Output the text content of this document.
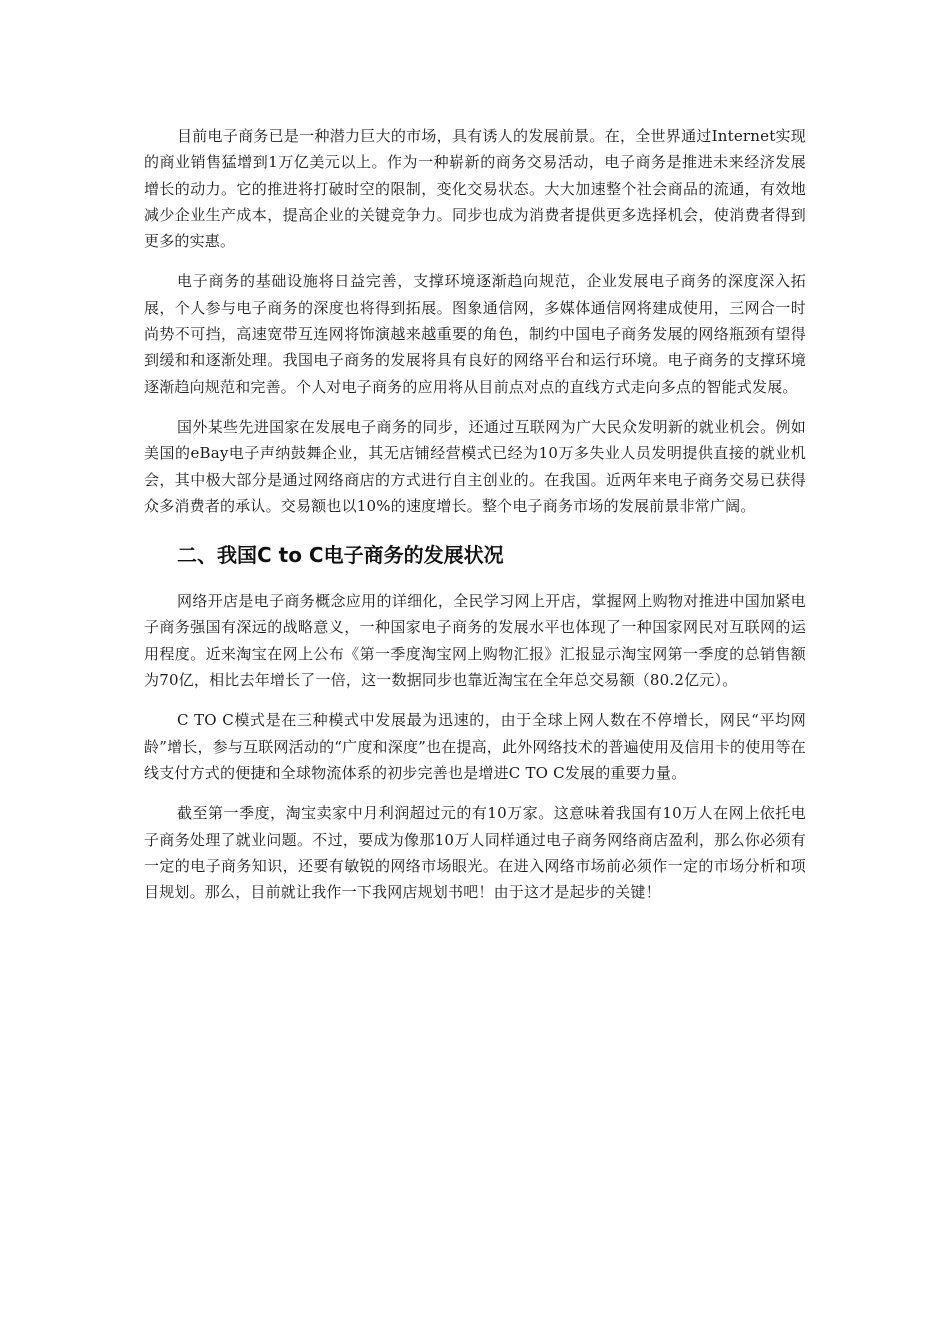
目前电子商务已是一种潜力巨大的市场，具有诱人的发展前景。在，全世界通过Internet实现的商业销售猛增到1万亿美元以上。作为一种崭新的商务交易活动，电子商务是推进未来经济发展增长的动力。它的推进将打破时空的限制，变化交易状态。大大加速整个社会商品的流通，有效地减少企业生产成本，提高企业的关键竞争力。同步也成为消费者提供更多选择机会，使消费者得到更多的实惠。

电子商务的基础设施将日益完善，支撑环境逐渐趋向规范，企业发展电子商务的深度深入拓展，个人参与电子商务的深度也将得到拓展。图象通信网，多媒体通信网将建成使用，三网合一时尚势不可挡，高速宽带互连网将饰演越来越重要的角色，制约中国电子商务发展的网络瓶颈有望得到缓和和逐渐处理。我国电子商务的发展将具有良好的网络平台和运行环境。电子商务的支撑环境逐渐趋向规范和完善。个人对电子商务的应用将从目前点对点的直线方式走向多点的智能式发展。

国外某些先进国家在发展电子商务的同步，还通过互联网为广大民众发明新的就业机会。例如美国的eBay电子声纳鼓舞企业，其无店铺经营模式已经为10万多失业人员发明提供直接的就业机会，其中极大部分是通过网络商店的方式进行自主创业的。在我国。近两年来电子商务交易已获得众多消费者的承认。交易额也以10%的速度增长。整个电子商务市场的发展前景非常广阔。

二、我国C to C电子商务的发展状况

网络开店是电子商务概念应用的详细化，全民学习网上开店，掌握网上购物对推进中国加紧电子商务强国有深远的战略意义，一种国家电子商务的发展水平也体现了一种国家网民对互联网的运用程度。近来淘宝在网上公布《第一季度淘宝网上购物汇报》汇报显示淘宝网第一季度的总销售额为70亿，相比去年增长了一倍，这一数据同步也靠近淘宝在全年总交易额（80.2亿元）。

C TO C模式是在三种模式中发展最为迅速的，由于全球上网人数在不停增长，网民“平均网龄”增长，参与互联网活动的“广度和深度”也在提高，此外网络技术的普遍使用及信用卡的使用等在线支付方式的便捷和全球物流体系的初步完善也是增进C TO C发展的重要力量。

截至第一季度，淘宝卖家中月利润超过元的有10万家。这意味着我国有10万人在网上依托电子商务处理了就业问题。不过，要成为像那10万人同样通过电子商务网络商店盈利，那么你必须有一定的电子商务知识，还要有敏锐的网络市场眼光。在进入网络市场前必须作一定的市场分析和项目规划。那么，目前就让我作一下我网店规划书吧！由于这才是起步的关键！
